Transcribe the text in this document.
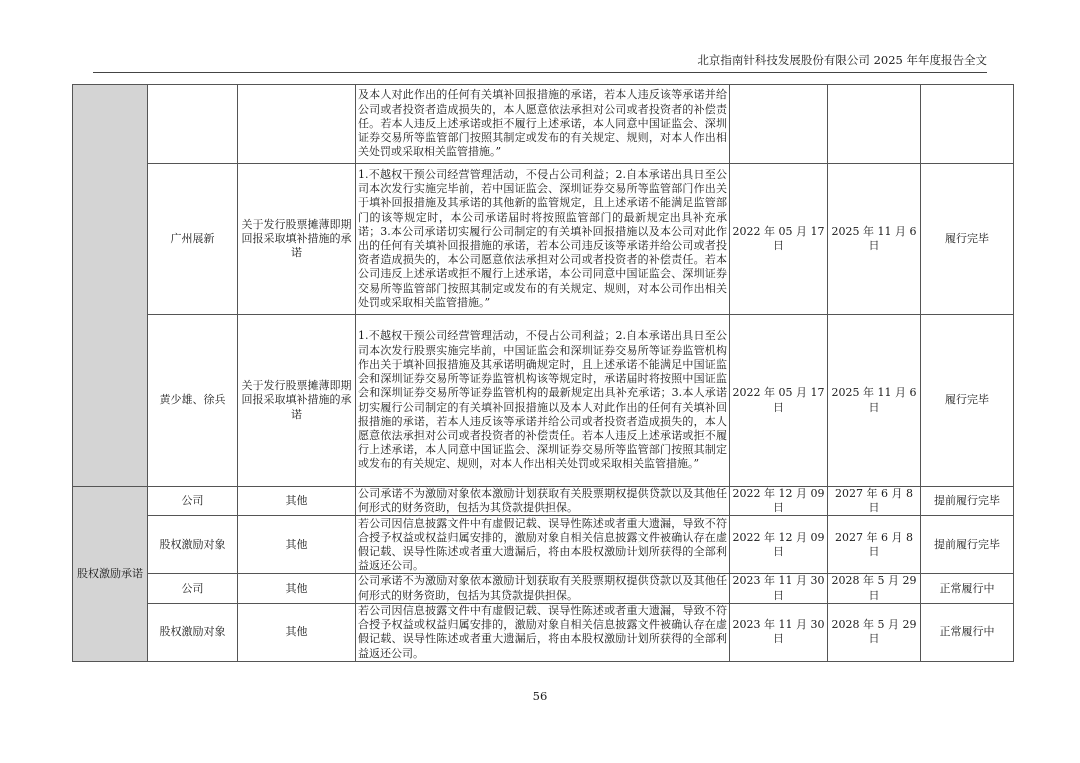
北京指南针科技发展股份有限公司 2025 年年度报告全文
			及本人对此作出的任何有关填补回报措施的承诺，若本人违反该等承诺并给公司或者投资者造成损失的，本人愿意依法承担对公司或者投资者的补偿责任。若本人违反上述承诺或拒不履行上述承诺，本人同意中国证监会、深圳证券交易所等监管部门按照其制定或发布的有关规定、规则，对本人作出相关处罚或采取相关监管措施。”			
	广州展新	关于发行股票摊薄即期回报采取填补措施的承诺	1.不越权干预公司经营管理活动，不侵占公司利益；2.自本承诺出具日至公司本次发行实施完毕前，若中国证监会、深圳证券交易所等监管部门作出关于填补回报措施及其承诺的其他新的监管规定，且上述承诺不能满足监管部门的该等规定时，本公司承诺届时将按照监管部门的最新规定出具补充承诺；3.本公司承诺切实履行公司制定的有关填补回报措施以及本公司对此作出的任何有关填补回报措施的承诺，若本公司违反该等承诺并给公司或者投资者造成损失的，本公司愿意依法承担对公司或者投资者的补偿责任。若本公司违反上述承诺或拒不履行上述承诺，本公司同意中国证监会、深圳证券交易所等监管部门按照其制定或发布的有关规定、规则，对本公司作出相关处罚或采取相关监管措施。”	2022 年 05 月 17 日	2025 年 11 月 6 日	履行完毕
	黄少雄、徐兵	关于发行股票摊薄即期回报采取填补措施的承诺	1.不越权干预公司经营管理活动，不侵占公司利益；2.自本承诺出具日至公司本次发行股票实施完毕前，中国证监会和深圳证券交易所等证券监管机构作出关于填补回报措施及其承诺明确规定时，且上述承诺不能满足中国证监会和深圳证券交易所等证券监管机构该等规定时，承诺届时将按照中国证监会和深圳证券交易所等证券监管机构的最新规定出具补充承诺；3.本人承诺切实履行公司制定的有关填补回报措施以及本人对此作出的任何有关填补回报措施的承诺，若本人违反该等承诺并给公司或者投资者造成损失的，本人愿意依法承担对公司或者投资者的补偿责任。若本人违反上述承诺或拒不履行上述承诺，本人同意中国证监会、深圳证券交易所等监管部门按照其制定或发布的有关规定、规则，对本人作出相关处罚或采取相关监管措施。”	2022 年 05 月 17 日	2025 年 11 月 6 日	履行完毕
股权激励承诺	公司	其他	公司承诺不为激励对象依本激励计划获取有关股票期权提供贷款以及其他任何形式的财务资助，包括为其贷款提供担保。	2022 年 12 月 09 日	2027 年 6 月 8 日	提前履行完毕
	股权激励对象	其他	若公司因信息披露文件中有虚假记载、误导性陈述或者重大遗漏，导致不符合授予权益或权益归属安排的，激励对象自相关信息披露文件被确认存在虚假记载、误导性陈述或者重大遗漏后，将由本股权激励计划所获得的全部利益返还公司。	2022 年 12 月 09 日	2027 年 6 月 8 日	提前履行完毕
	公司	其他	公司承诺不为激励对象依本激励计划获取有关股票期权提供贷款以及其他任何形式的财务资助，包括为其贷款提供担保。	2023 年 11 月 30 日	2028 年 5 月 29 日	正常履行中
	股权激励对象	其他	若公司因信息披露文件中有虚假记载、误导性陈述或者重大遗漏，导致不符合授予权益或权益归属安排的，激励对象自相关信息披露文件被确认存在虚假记载、误导性陈述或者重大遗漏后，将由本股权激励计划所获得的全部利益返还公司。	2023 年 11 月 30 日	2028 年 5 月 29 日	正常履行中
56
